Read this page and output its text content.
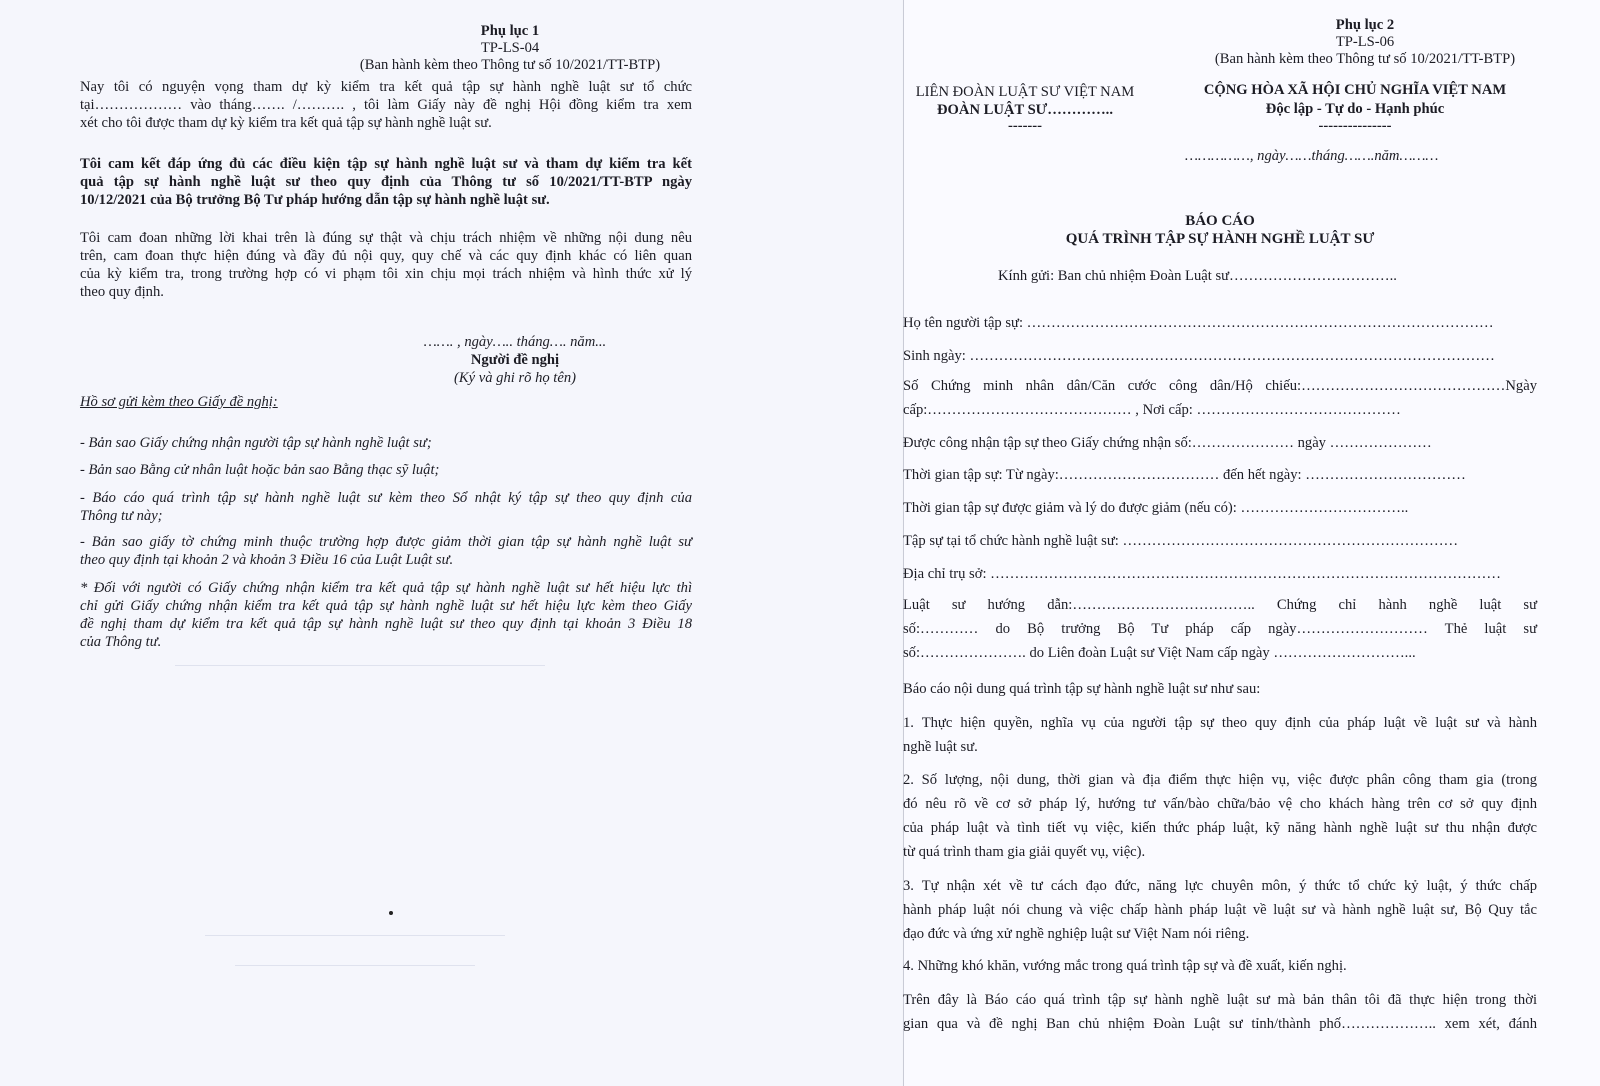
Phụ lục 1
TP-LS-04
(Ban hành kèm theo Thông tư số 10/2021/TT-BTP)
Nay tôi có nguyện vọng tham dự kỳ kiểm tra kết quả tập sự hành nghề luật sư tổ chức
tại……………… vào tháng……. /………. , tôi làm Giấy này đề nghị Hội đồng kiểm tra xem
xét cho tôi được tham dự kỳ kiểm tra kết quả tập sự hành nghề luật sư.
Tôi cam kết đáp ứng đủ các điều kiện tập sự hành nghề luật sư và tham dự kiểm tra kết
quả tập sự hành nghề luật sư theo quy định của Thông tư số 10/2021/TT-BTP ngày
10/12/2021 của Bộ trưởng Bộ Tư pháp hướng dẫn tập sự hành nghề luật sư.
Tôi cam đoan những lời khai trên là đúng sự thật và chịu trách nhiệm về những nội dung nêu
trên, cam đoan thực hiện đúng và đầy đủ nội quy, quy chế và các quy định khác có liên quan
của kỳ kiểm tra, trong trường hợp có vi phạm tôi xin chịu mọi trách nhiệm và hình thức xử lý
theo quy định.
……. , ngày….. tháng…. năm...
Người đề nghị
(Ký và ghi rõ họ tên)
Hồ sơ gửi kèm theo Giấy đề nghị:
- Bản sao Giấy chứng nhận người tập sự hành nghề luật sư;
- Bản sao Bằng cử nhân luật hoặc bản sao Bằng thạc sỹ luật;
- Báo cáo quá trình tập sự hành nghề luật sư kèm theo Sổ nhật ký tập sự theo quy định của
Thông tư này;
- Bản sao giấy tờ chứng minh thuộc trường hợp được giảm thời gian tập sự hành nghề luật sư
theo quy định tại khoản 2 và khoản 3 Điều 16 của Luật Luật sư.
* Đối với người có Giấy chứng nhận kiểm tra kết quả tập sự hành nghề luật sư hết hiệu lực thì
chỉ gửi Giấy chứng nhận kiểm tra kết quả tập sự hành nghề luật sư hết hiệu lực kèm theo Giấy
đề nghị tham dự kiểm tra kết quả tập sự hành nghề luật sư theo quy định tại khoản 3 Điều 18
của Thông tư.
Phụ lục 2
TP-LS-06
(Ban hành kèm theo Thông tư số 10/2021/TT-BTP)
LIÊN ĐOÀN LUẬT SƯ VIỆT NAM
ĐOÀN LUẬT SƯ…………..
-------
CỘNG HÒA XÃ HỘI CHỦ NGHĨA VIỆT NAM
Độc lập - Tự do - Hạnh phúc
---------------
……………, ngày……tháng…….năm………
BÁO CÁO
QUÁ TRÌNH TẬP SỰ HÀNH NGHỀ LUẬT SƯ
Kính gửi: Ban chủ nhiệm Đoàn Luật sư……………………………..
Họ tên người tập sự: ……………………………………………………………………………………
Sinh ngày: ………………………………………………………………………………………………
Số Chứng minh nhân dân/Căn cước công dân/Hộ chiếu:……………………………………Ngày
cấp:…………………………………… , Nơi cấp: ……………………………………
Được công nhận tập sự theo Giấy chứng nhận số:………………… ngày …………………
Thời gian tập sự: Từ ngày:…………………………… đến hết ngày: ……………………………
Thời gian tập sự được giảm và lý do được giảm (nếu có): ……………………………..
Tập sự tại tổ chức hành nghề luật sư: ……………………………………………………………
Địa chỉ trụ sở: ……………………………………………………………………………………………
Luật sư hướng dẫn:……………………………….. Chứng chỉ hành nghề luật sư
số:………… do Bộ trưởng Bộ Tư pháp cấp ngày……………………… Thẻ luật sư
số:…………………. do Liên đoàn Luật sư Việt Nam cấp ngày ………………………...
Báo cáo nội dung quá trình tập sự hành nghề luật sư như sau:
1. Thực hiện quyền, nghĩa vụ của người tập sự theo quy định của pháp luật về luật sư và hành
nghề luật sư.
2. Số lượng, nội dung, thời gian và địa điểm thực hiện vụ, việc được phân công tham gia (trong
đó nêu rõ về cơ sở pháp lý, hướng tư vấn/bào chữa/bảo vệ cho khách hàng trên cơ sở quy định
của pháp luật và tình tiết vụ việc, kiến thức pháp luật, kỹ năng hành nghề luật sư thu nhận được
từ quá trình tham gia giải quyết vụ, việc).
3. Tự nhận xét về tư cách đạo đức, năng lực chuyên môn, ý thức tổ chức kỷ luật, ý thức chấp
hành pháp luật nói chung và việc chấp hành pháp luật về luật sư và hành nghề luật sư, Bộ Quy tắc
đạo đức và ứng xử nghề nghiệp luật sư Việt Nam nói riêng.
4. Những khó khăn, vướng mắc trong quá trình tập sự và đề xuất, kiến nghị.
Trên đây là Báo cáo quá trình tập sự hành nghề luật sư mà bản thân tôi đã thực hiện trong thời
gian qua và đề nghị Ban chủ nhiệm Đoàn Luật sư tỉnh/thành phố……………….. xem xét, đánh
